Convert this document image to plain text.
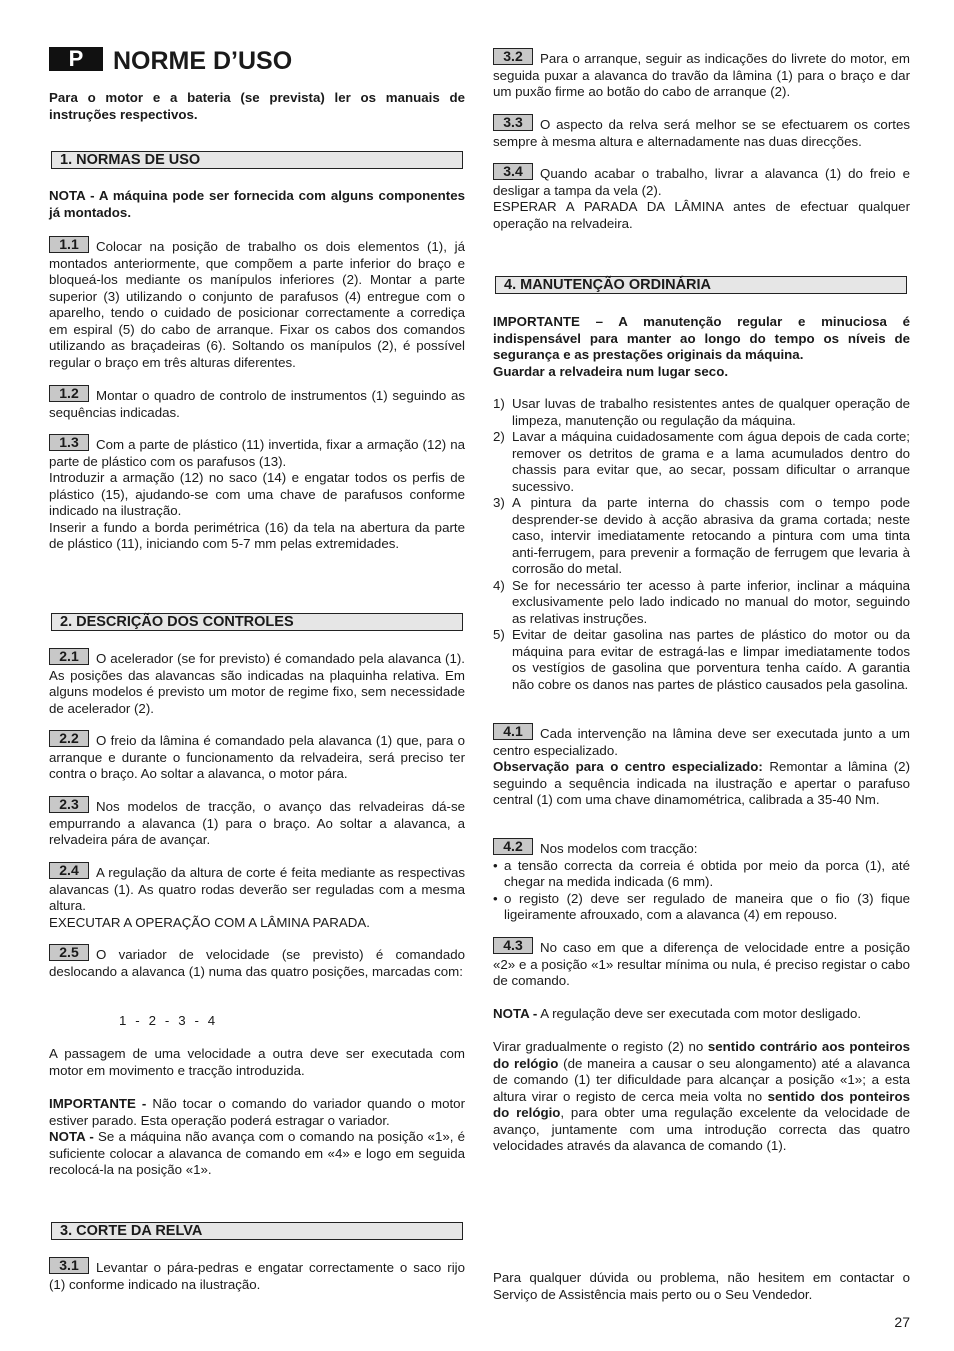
P	NORME D’USO

Para o motor e a bateria (se prevista) ler os manuais de instruções respectivos.

1. NORMAS DE USO

NOTA - A máquina pode ser fornecida com alguns componentes já montados.

1.1 Colocar na posição de trabalho os dois elementos (1), já montados anteriormente, que compõem a parte inferior do braço e bloqueá-los mediante os manípulos inferiores (2). Montar a parte superior (3) utilizando o conjunto de parafusos (4) entregue com o aparelho, tendo o cuidado de posicionar correctamente a corrediça em espiral (5) do cabo de arranque. Fixar os cabos dos comandos utilizando as braçadeiras (6). Soltando os manípulos (2), é possível regular o braço em três alturas diferentes.

1.2 Montar o quadro de controlo de instrumentos (1) seguindo as sequências indicadas.

1.3 Com a parte de plástico (11) invertida, fixar a armação (12) na parte de plástico com os parafusos (13).

Introduzir a armação (12) no saco (14) e engatar todos os perfis de plástico (15), ajudando-se com uma chave de parafusos conforme indicado na ilustração.

Inserir a fundo a borda perimétrica (16) da tela na abertura da parte de plástico (11), iniciando com 5-7 mm pelas extremidades.

2. DESCRIÇÃO DOS CONTROLES

2.1 O acelerador (se for previsto) é comandado pela alavanca (1). As posições das alavancas são indicadas na plaquinha relativa. Em alguns modelos é previsto um motor de regime fixo, sem necessidade de acelerador (2).

2.2 O freio da lâmina é comandado pela alavanca (1) que, para o arranque e durante o funcionamento da relvadeira, será preciso ter contra o braço. Ao soltar a alavanca, o motor pára.

2.3 Nos modelos de tracção, o avanço das relvadeiras dá-se empurrando a alavanca (1) para o braço. Ao soltar a alavanca, a relvadeira pára de avançar.

2.4 A regulação da altura de corte é feita mediante as respectivas alavancas (1). As quatro rodas deverão ser reguladas com a mesma altura.

EXECUTAR A OPERAÇÃO COM A LÂMINA PARADA.

2.5 O variador de velocidade (se previsto) é comandado deslocando a alavanca (1) numa das quatro posições, marcadas com:

1  -  2  -  3  -  4

A passagem de uma velocidade a outra deve ser executada com motor em movimento e tracção introduzida.

IMPORTANTE - Não tocar o comando do variador quando o motor estiver parado. Esta operação poderá estragar o variador.

NOTA - Se a máquina não avança com o comando na posição «1», é suficiente colocar a alavanca de comando em «4» e logo em seguida recolocá-la na posição «1».

3. CORTE DA RELVA

3.1 Levantar o pára-pedras e engatar correctamente o saco rijo (1) conforme indicado na ilustração.

3.2 Para o arranque, seguir as indicações do livrete do motor, em seguida puxar a alavanca do travão da lâmina (1) para o braço e dar um puxão firme ao botão do cabo de arranque (2).

3.3 O aspecto da relva será melhor se se efectuarem os cortes sempre à mesma altura e alternadamente nas duas direcções.

3.4 Quando acabar o trabalho, livrar a alavanca (1) do freio e desligar a tampa da vela (2).

ESPERAR A PARADA DA LÂMINA antes de efectuar qualquer operação na relvadeira.

4. MANUTENÇÃO ORDINÁRIA

IMPORTANTE – A manutenção regular e minuciosa é indispensável para manter ao longo do tempo os níveis de segurança e as prestações originais da máquina.

Guardar a relvadeira num lugar seco.

1) Usar luvas de trabalho resistentes antes de qualquer operação de limpeza, manutenção ou regulação da máquina.
2) Lavar a máquina cuidadosamente com água depois de cada corte; remover os detritos de grama e a lama acumulados dentro do chassis para evitar que, ao secar, possam dificultar o arranque sucessivo.
3) A pintura da parte interna do chassis com o tempo pode desprender-se devido à acção abrasiva da grama cortada; neste caso, intervir imediatamente retocando a pintura com uma tinta anti-ferrugem, para prevenir a formação de ferrugem que levaria à corrosão do metal.
4) Se for necessário ter acesso à parte inferior, inclinar a máquina exclusivamente pelo lado indicado no manual do motor, seguindo as relativas instruções.
5) Evitar de deitar gasolina nas partes de plástico do motor ou da máquina para evitar de estragá-las e limpar imediatamente todos os vestígios de gasolina que porventura tenha caído. A garantia não cobre os danos nas partes de plástico causados pela gasolina.

4.1 Cada intervenção na lâmina deve ser executada junto a um centro especializado.

Observação para o centro especializado: Remontar a lâmina (2) seguindo a sequência indicada na ilustração e apertar o parafuso central (1) com uma chave dinamométrica, calibrada a 35-40 Nm.

4.2 Nos modelos com tracção:

• a tensão correcta da correia é obtida por meio da porca (1), até chegar na medida indicada (6 mm).
• o registo (2) deve ser regulado de maneira que o fio (3) fique ligeiramente afrouxado, com a alavanca (4) em repouso.

4.3 No caso em que a diferença de velocidade entre a posição «2» e a posição «1» resultar mínima ou nula, é preciso registar o cabo de comando.

NOTA - A regulação deve ser executada com motor desligado.

Virar gradualmente o registo (2) no sentido contrário aos ponteiros do relógio (de maneira a causar o seu alongamento) até a alavanca de comando (1) ter dificuldade para alcançar a posição «1»; a esta altura virar o registo de cerca meia volta no sentido dos ponteiros do relógio, para obter uma regulação excelente da velocidade de avanço, juntamente com uma introdução correcta das quatro velocidades através da alavanca de comando (1).

Para qualquer dúvida ou problema, não hesitem em contactar o Serviço de Assistência mais perto ou o Seu Vendedor.

27
